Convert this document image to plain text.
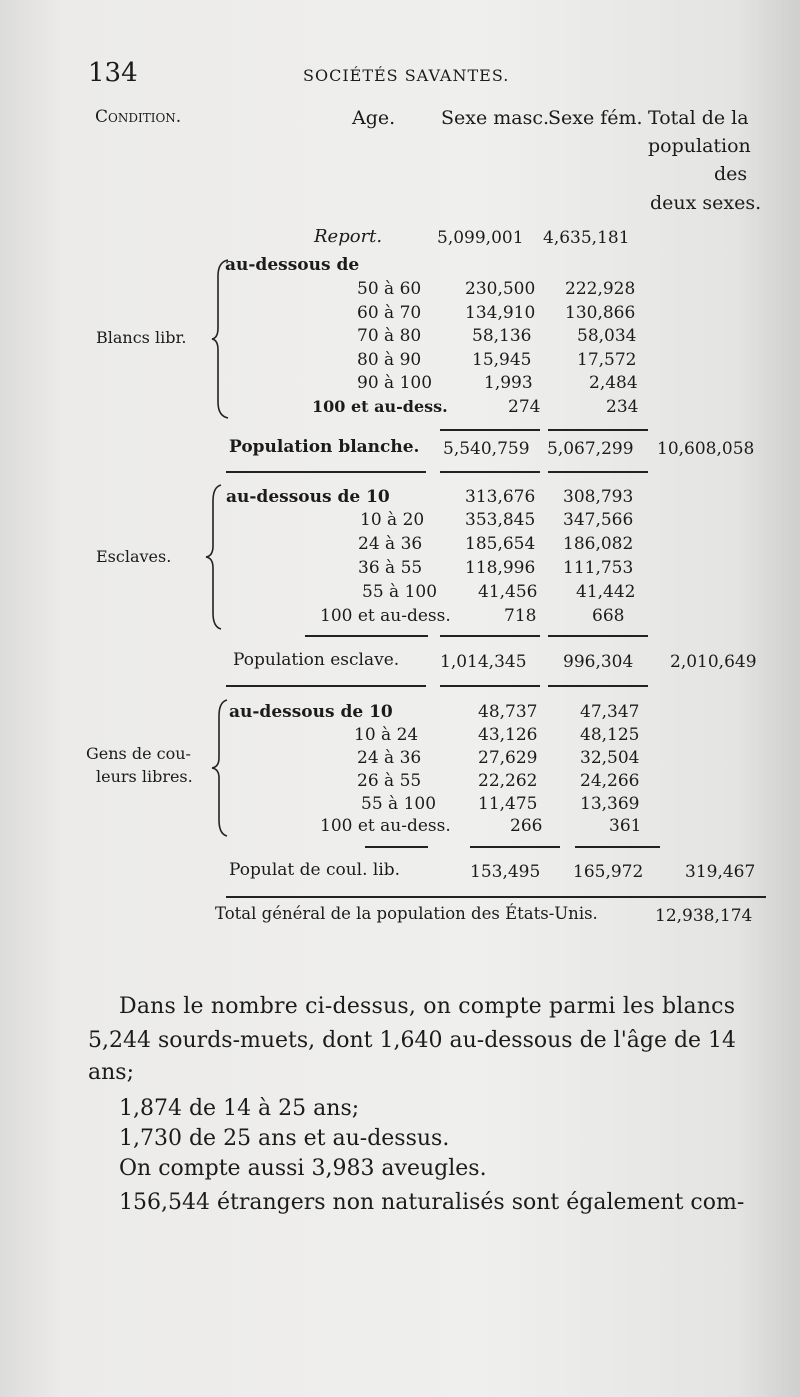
134	SOCIÉTÉS SAVANTES.
Condition.	Age. Sexe masc.
Sexe fém. Total de la
population
des
deux sexes.
Report.	5,099,001 4,635,181
au-dessous de
Blancs libr.
50 à 60	230,500 222,928
60 à 70	134,910 130,866
70 à 80	58,136	58,034
80 à 90	15,945	17,572
90 à 100	1,993	2,484
100 et au-dess.	274	234
Population blanche. 5,540,759 5,067,299 10,608,058
Esclaves.
au-dessous de 10	313,676 308,793
10 à 20 353,845 347,566
24 à 36	185,654 186,082
36 à 55	118,996 111,753
55 à 100 41,456 41,442
100 et au-dess.	718	668
Population esclave. 1,014,345 996,304 2,010,649
Gens de cou-
leurs libres.
au-dessous de 10	48,737	47,347
10 à 24	43,126	48,125
24 à 36	27,629	32,504
26 à 55	22,262	24,266
55 à 100 11,475	13,369
100 et au-dess.	266	361
Populat de coul. lib.	153,495 165,972 319,467
Total général de la population des États-Unis.	12,938,174
Dans le nombre ci-dessus, on compte parmi les blancs
5,244 sourds-muets, dont 1,640 au-dessous de l'âge de 14
ans;
1,874 de 14 à 25 ans;
1,730 de 25 ans et au-dessus.
On compte aussi 3,983 aveugles.
156,544 étrangers non naturalisés sont également com-
